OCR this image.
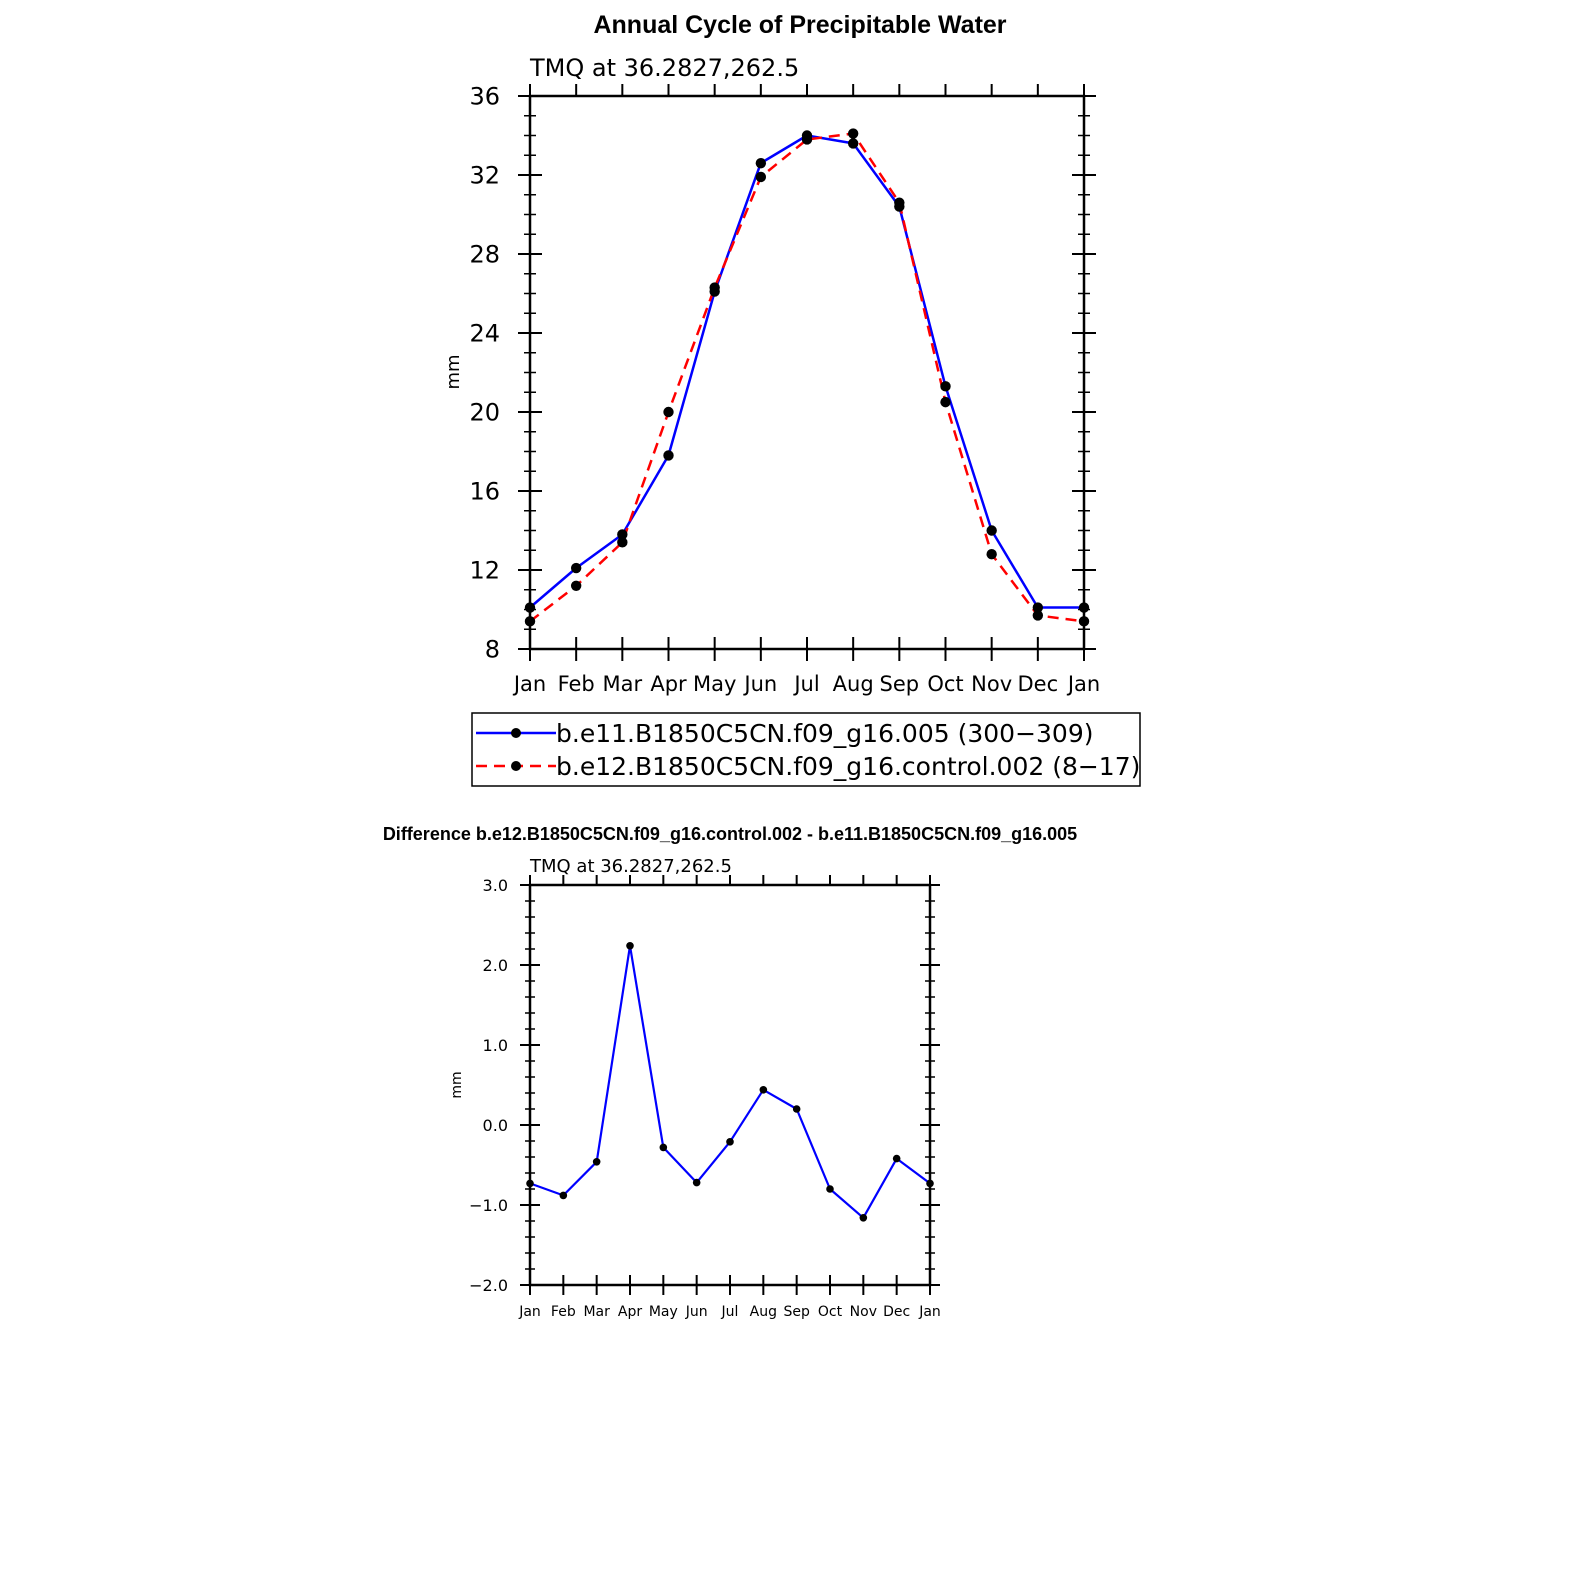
Annual Cycle of Precipitable Water
TMQ at 36.2827,262.5
mm
Jan Feb Mar Apr May Jun Jul Aug Sep Oct Nov Dec Jan
8
12
16
20
24
28
32
36
b.e11.B1850C5CN.f09_g16.005 (300−309)
b.e12.B1850C5CN.f09_g16.control.002 (8−17)
Difference b.e12.B1850C5CN.f09_g16.control.002 - b.e11.B1850C5CN.f09_g16.005
TMQ at 36.2827,262.5
mm
Jan Feb Mar Apr May Jun Jul Aug Sep Oct Nov Dec Jan
−2.0
−1.0
0.0
1.0
2.0
3.0
